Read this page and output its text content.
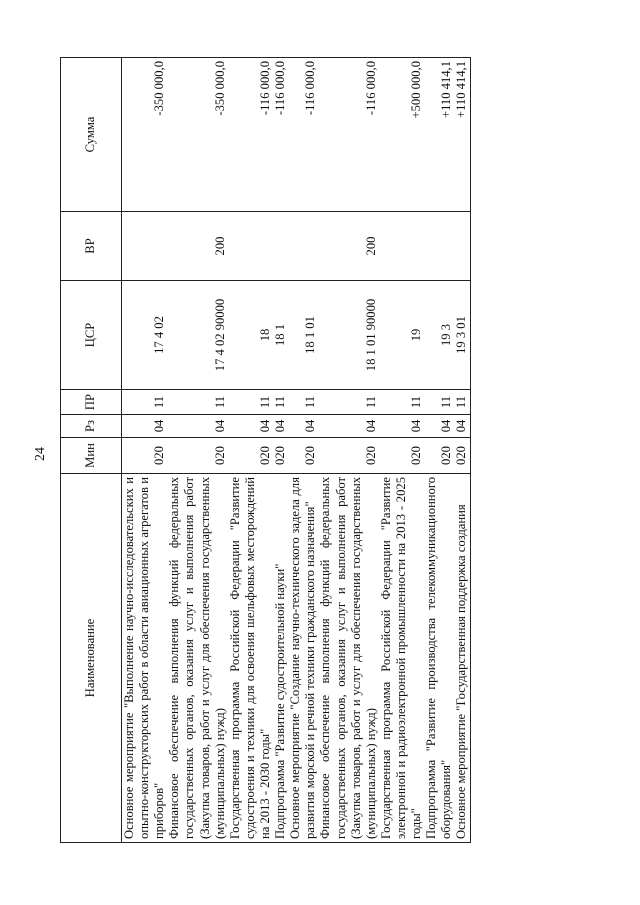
24
Наименование	Мин	Рз	ПР	ЦСР	ВР	Сумма
Основное мероприятие "Выполнение научно-исследовательских и опытно-конструкторских работ в области авиационных агрегатов и приборов"	020	04	11	17 4 02		-350 000,0
Финансовое обеспечение выполнения функций федеральных государственных органов, оказания услуг и выполнения работ (Закупка товаров, работ и услуг для обеспечения государственных (муниципальных) нужд)	020	04	11	17 4 02 90000	200	-350 000,0
Государственная программа Российской Федерации "Развитие судостроения и техники для освоения шельфовых месторождений на 2013 - 2030 годы"	020	04	11	18		-116 000,0
Подпрограмма "Развитие судостроительной науки"	020	04	11	18 1		-116 000,0
Основное мероприятие "Создание научно-технического задела для развития морской и речной техники гражданского назначения"	020	04	11	18 1 01		-116 000,0
Финансовое обеспечение выполнения функций федеральных государственных органов, оказания услуг и выполнения работ (Закупка товаров, работ и услуг для обеспечения государственных (муниципальных) нужд)	020	04	11	18 1 01 90000	200	-116 000,0
Государственная программа Российской Федерации "Развитие электронной и радиоэлектронной промышленности на 2013 - 2025 годы"	020	04	11	19		+500 000,0
Подпрограмма "Развитие производства телекоммуникационного оборудования"	020	04	11	19 3		+110 414,1
Основное мероприятие "Государственная поддержка создания	020	04	11	19 3 01		+110 414,1
